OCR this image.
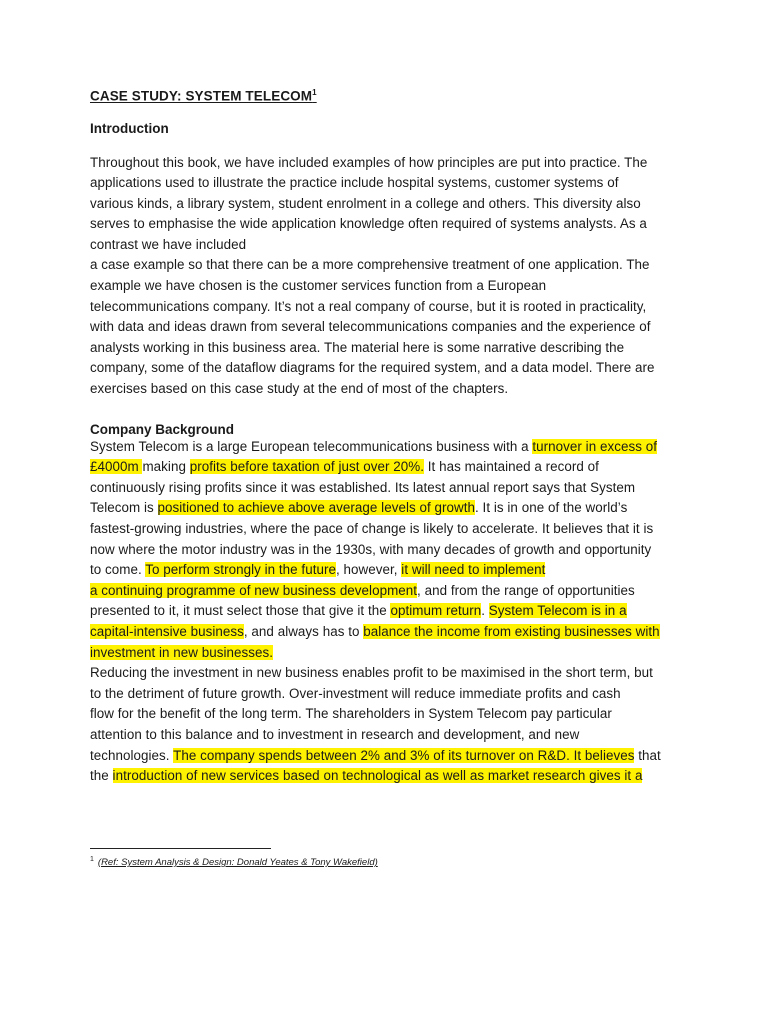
CASE STUDY: SYSTEM TELECOM$^1$
Introduction
Throughout this book, we have included examples of how principles are put into practice. The
applications used to illustrate the practice include hospital systems, customer systems of
various kinds, a library system, student enrolment in a college and others. This diversity also
serves to emphasise the wide application knowledge often required of systems analysts. As a
contrast we have included
a case example so that there can be a more comprehensive treatment of one application. The
example we have chosen is the customer services function from a European
telecommunications company. It’s not a real company of course, but it is rooted in practicality,
with data and ideas drawn from several telecommunications companies and the experience of
analysts working in this business area. The material here is some narrative describing the
company, some of the dataflow diagrams for the required system, and a data model. There are
exercises based on this case study at the end of most of the chapters.
Company Background
System Telecom is a large European telecommunications business with a turnover in excess of
£4000m making profits before taxation of just over 20%. It has maintained a record of
continuously rising profits since it was established. Its latest annual report says that System
Telecom is positioned to achieve above average levels of growth. It is in one of the world’s
fastest-growing industries, where the pace of change is likely to accelerate. It believes that it is
now where the motor industry was in the 1930s, with many decades of growth and opportunity
to come. To perform strongly in the future, however, it will need to implement
a continuing programme of new business development, and from the range of opportunities
presented to it, it must select those that give it the optimum return. System Telecom is in a
capital-intensive business, and always has to balance the income from existing businesses with
investment in new businesses.
Reducing the investment in new business enables profit to be maximised in the short term, but
to the detriment of future growth. Over-investment will reduce immediate profits and cash
flow for the benefit of the long term. The shareholders in System Telecom pay particular
attention to this balance and to investment in research and development, and new
technologies. The company spends between 2% and 3% of its turnover on R&D. It believes that
the introduction of new services based on technological as well as market research gives it a
$^1$ (Ref: System Analysis & Design: Donald Yeates & Tony Wakefield)
